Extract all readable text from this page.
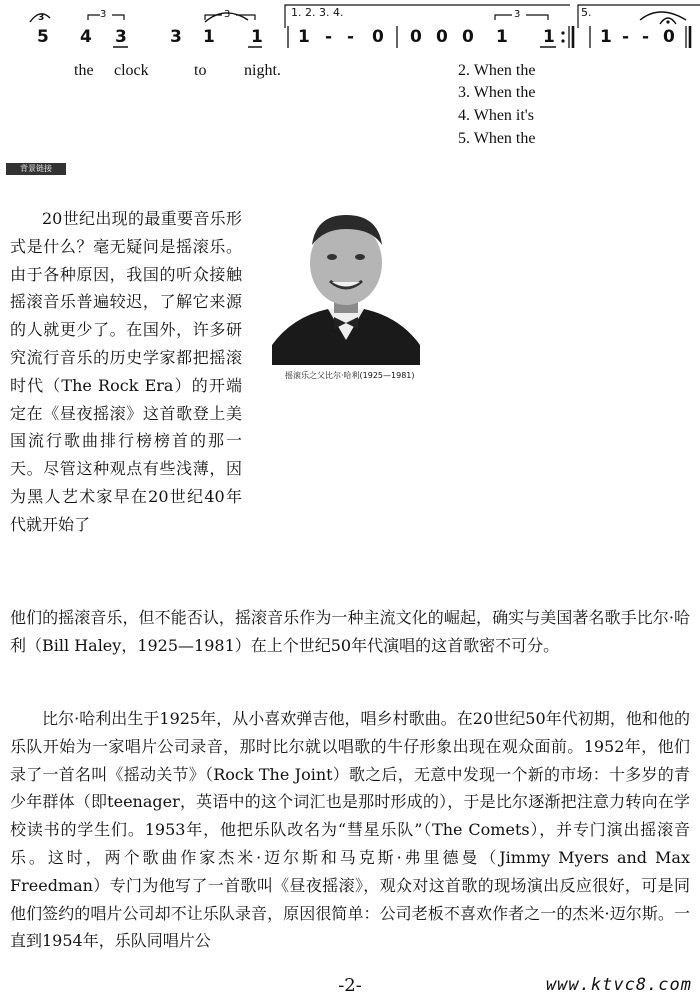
3	3	3	3
1. 2. 3. 4.	5.
5 4 3	3 1 1 1 - - 0 0 0 0 1 1	1 - - 0
the clock	to night.	2. When the
3. When the
4. When it's
5. When the
背景链接
摇滚乐之父比尔·哈利(1925—1981)

20世纪出现的最重要音乐形式是什么？毫无疑问是摇滚乐。由于各种原因，我国的听众接触摇滚音乐普遍较迟，了解它来源的人就更少了。在国外，许多研究流行音乐的历史学家都把摇滚时代（The Rock Era）的开端定在《昼夜摇滚》这首歌登上美国流行歌曲排行榜榜首的那一天。尽管这种观点有些浅薄，因为黑人艺术家早在20世纪40年代就开始了

他们的摇滚音乐，但不能否认，摇滚音乐作为一种主流文化的崛起，确实与美国著名歌手比尔·哈利（Bill Haley，1925—1981）在上个世纪50年代演唱的这首歌密不可分。

比尔·哈利出生于1925年，从小喜欢弹吉他，唱乡村歌曲。在20世纪50年代初期，他和他的乐队开始为一家唱片公司录音，那时比尔就以唱歌的牛仔形象出现在观众面前。1952年，他们录了一首名叫《摇动关节》（Rock The Joint）歌之后，无意中发现一个新的市场：十多岁的青少年群体（即teenager，英语中的这个词汇也是那时形成的），于是比尔逐渐把注意力转向在学校读书的学生们。1953年，他把乐队改名为“彗星乐队”（The Comets），并专门演出摇滚音乐。这时，两个歌曲作家杰米·迈尔斯和马克斯·弗里德曼（Jimmy Myers and Max Freedman）专门为他写了一首歌叫《昼夜摇滚》，观众对这首歌的现场演出反应很好，可是同他们签约的唱片公司却不让乐队录音，原因很简单：公司老板不喜欢作者之一的杰米·迈尔斯。一直到1954年，乐队同唱片公

-2-	www.ktvc8.com
